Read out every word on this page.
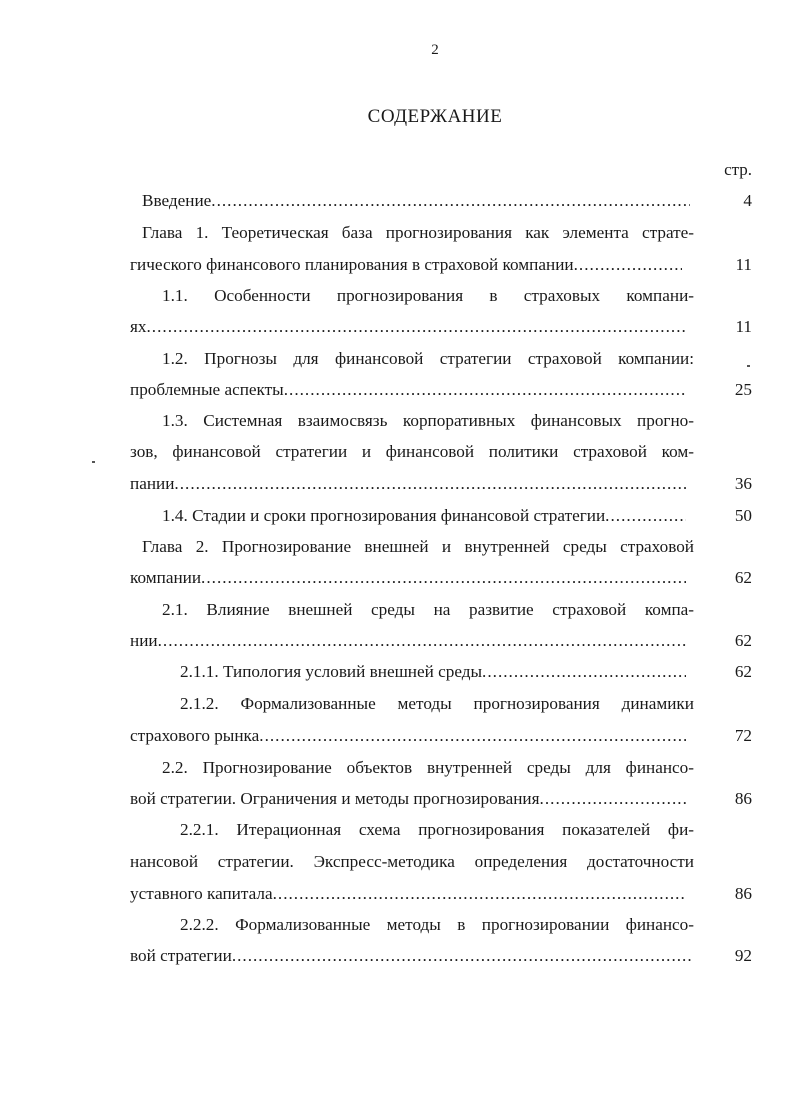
2
СОДЕРЖАНИЕ
стр.
Введение .....	4
Глава 1. Теоретическая база прогнозирования как элемента страте-
гического финансового планирования в страховой компании .....	11
1.1. Особенности прогнозирования в страховых компани-
ях .....	11
1.2. Прогнозы для финансовой стратегии страховой компании:
проблемные аспекты .....	25
1.3. Системная взаимосвязь корпоративных финансовых прогно-
зов, финансовой стратегии и финансовой политики страховой ком-
пании .....	36
1.4. Стадии и сроки прогнозирования финансовой стратегии .....	50
Глава 2. Прогнозирование внешней и внутренней среды страховой
компании .....	62
2.1. Влияние внешней среды на развитие страховой компа-
нии .....	62
2.1.1. Типология условий внешней среды .....	62
2.1.2. Формализованные методы прогнозирования динамики
страхового рынка .....	72
2.2. Прогнозирование объектов внутренней среды для финансо-
вой стратегии. Ограничения и методы прогнозирования .....	86
2.2.1. Итерационная схема прогнозирования показателей фи-
нансовой стратегии. Экспресс-методика определения достаточности
уставного капитала .....	86
2.2.2. Формализованные методы в прогнозировании финансо-
вой стратегии .....	92
